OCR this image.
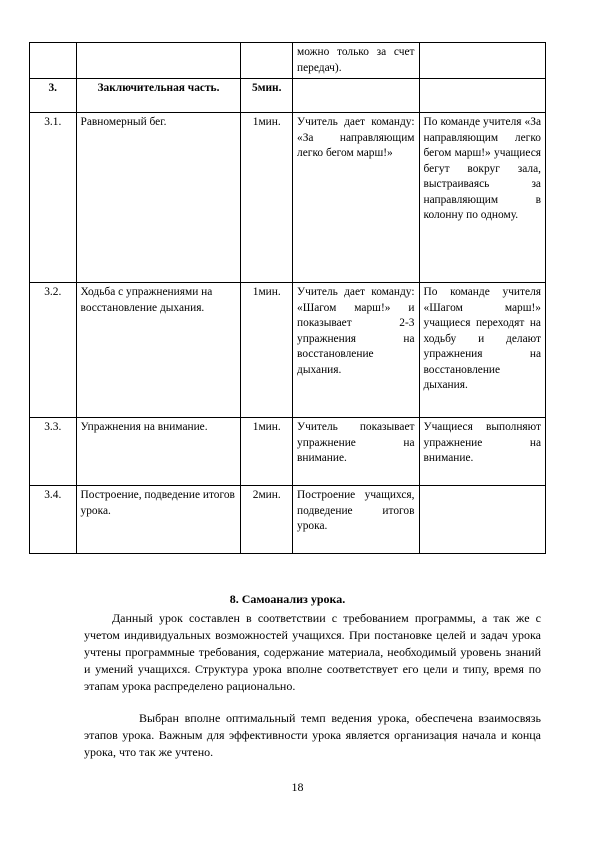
			можно только за счет передач).	
3.	Заключительная часть.	5мин.		
3.1.	Равномерный бег.	1мин.	Учитель дает команду: «За направляющим легко бегом марш!»	По команде учителя «За направляющим легко бегом марш!» учащиеся бегут вокруг зала, выстраиваясь за направляющим в колонну по одному.
3.2.	Ходьба с упражнениями на восстановление дыхания.	1мин.	Учитель дает команду: «Шагом марш!» и показывает 2-3 упражнения на восстановление дыхания.	По команде учителя «Шагом марш!» учащиеся переходят на ходьбу и делают упражнения на восстановление дыхания.
3.3.	Упражнения на внимание.	1мин.	Учитель показывает упражнение на внимание.	Учащиеся выполняют упражнение на внимание.
3.4.	Построение, подведение итогов урока.	2мин.	Построение учащихся, подведение итогов урока.	
8. Самоанализ урока.

Данный урок составлен в соответствии с требованием программы, а так же с учетом индивидуальных возможностей учащихся. При постановке целей и задач урока учтены программные требования, содержание материала, необходимый уровень знаний и умений учащихся. Структура урока вполне соответствует его цели и типу, время по этапам урока распределено рационально.

Выбран вполне оптимальный темп ведения урока, обеспечена взаимосвязь этапов урока. Важным для эффективности урока является организация начала и конца урока, что так же учтено.

18
